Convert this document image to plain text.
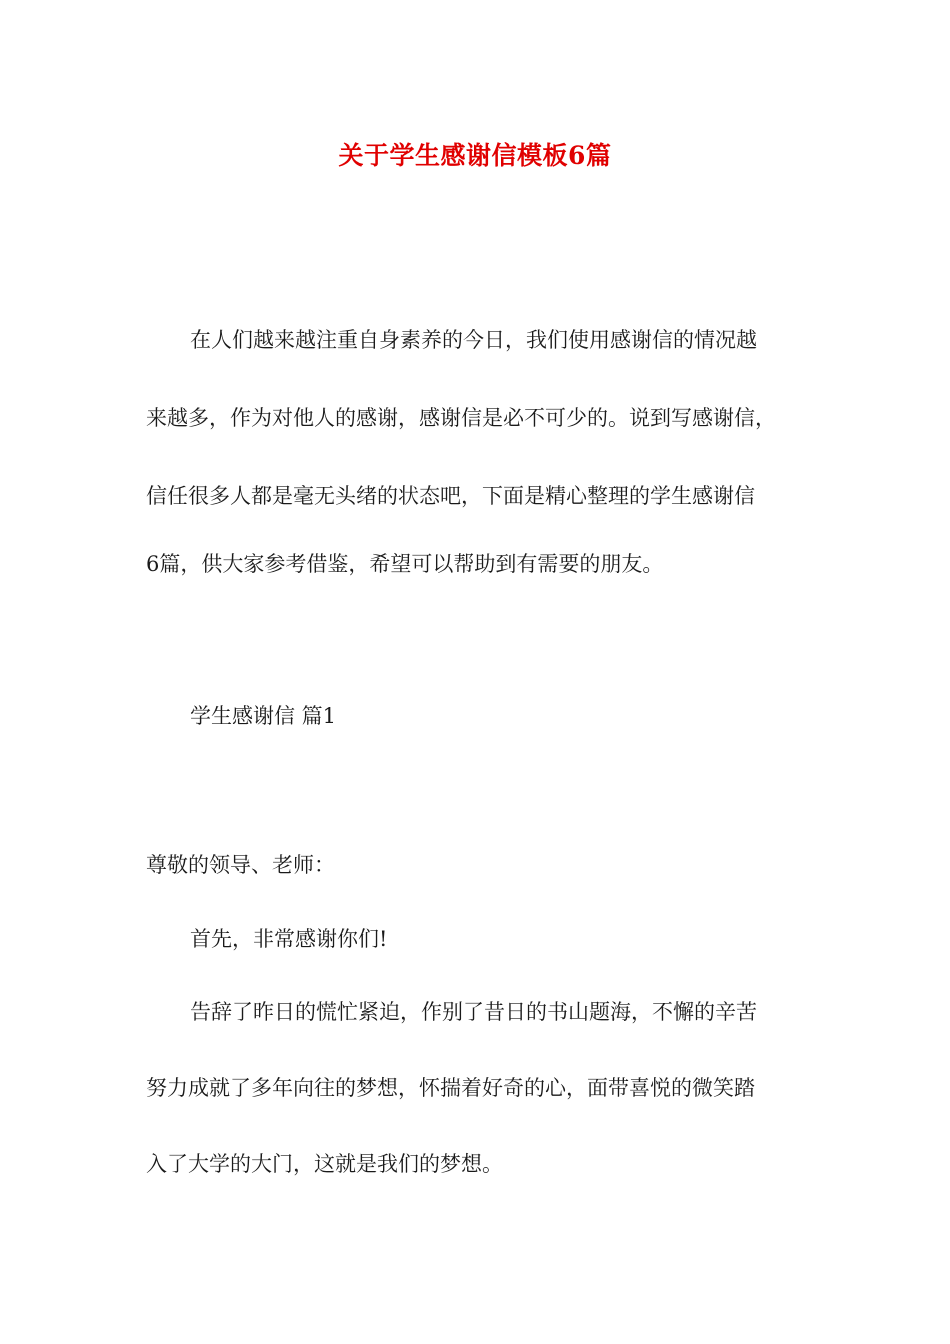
关于学生感谢信模板6篇
在人们越来越注重自身素养的今日，我们使用感谢信的情况越
来越多，作为对他人的感谢，感谢信是必不可少的。说到写感谢信，
信任很多人都是毫无头绪的状态吧，下面是精心整理的学生感谢信
6篇，供大家参考借鉴，希望可以帮助到有需要的朋友。
学生感谢信 篇1
尊敬的领导、老师：
首先，非常感谢你们!
告辞了昨日的慌忙紧迫，作别了昔日的书山题海，不懈的辛苦
努力成就了多年向往的梦想，怀揣着好奇的心，面带喜悦的微笑踏
入了大学的大门，这就是我们的梦想。
